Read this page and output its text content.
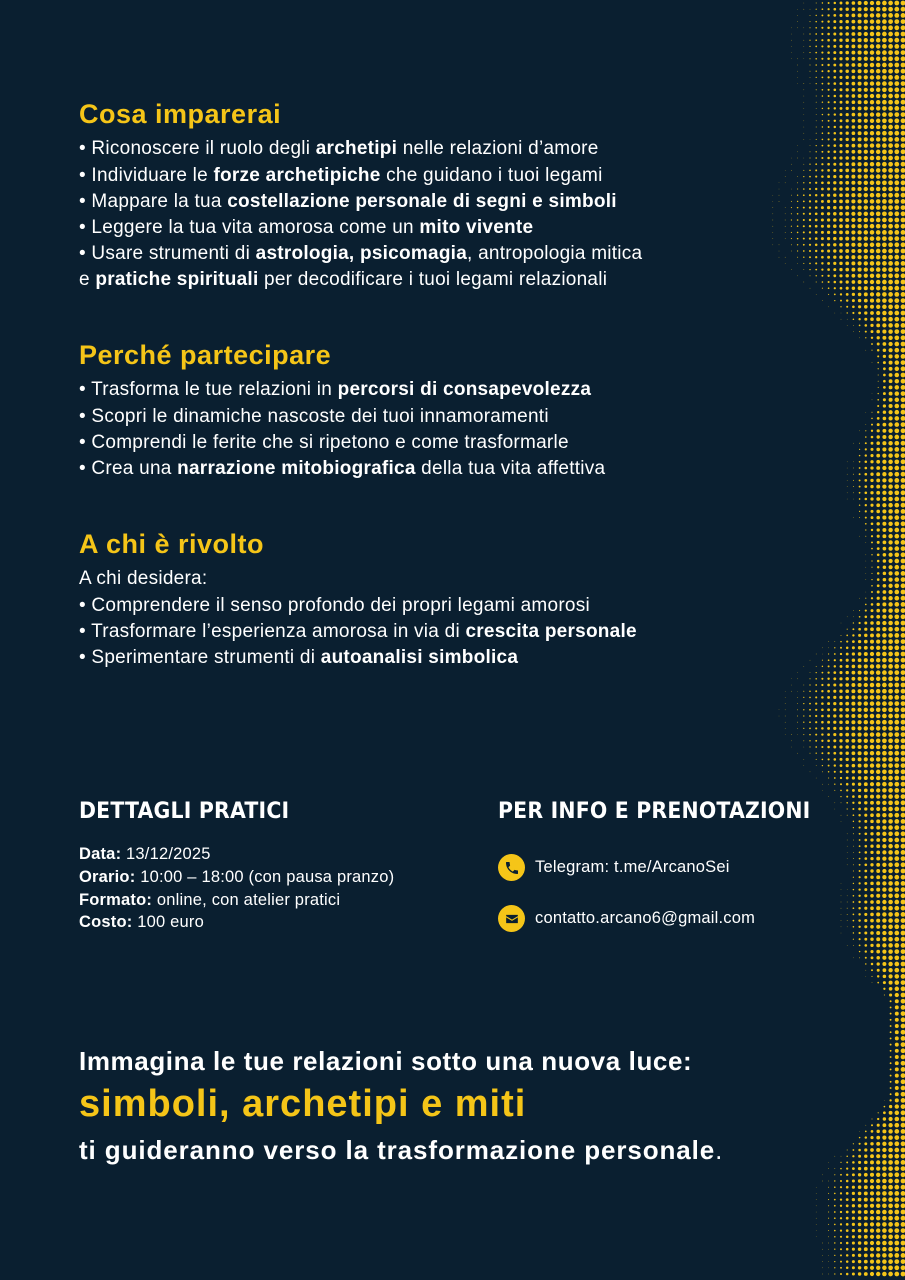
Cosa imparerai
• Riconoscere il ruolo degli archetipi nelle relazioni d’amore
• Individuare le forze archetipiche che guidano i tuoi legami
• Mappare la tua costellazione personale di segni e simboli
• Leggere la tua vita amorosa come un mito vivente
• Usare strumenti di astrologia, psicomagia, antropologia mitica
e pratiche spirituali per decodificare i tuoi legami relazionali
Perché partecipare
• Trasforma le tue relazioni in percorsi di consapevolezza
• Scopri le dinamiche nascoste dei tuoi innamoramenti
• Comprendi le ferite che si ripetono e come trasformarle
• Crea una narrazione mitobiografica della tua vita affettiva
A chi è rivolto
A chi desidera:
• Comprendere il senso profondo dei propri legami amorosi
• Trasformare l’esperienza amorosa in via di crescita personale
• Sperimentare strumenti di autoanalisi simbolica
DETTAGLI PRATICI
Data: 13/12/2025
Orario: 10:00 – 18:00 (con pausa pranzo)
Formato: online, con atelier pratici
Costo: 100 euro
PER INFO E PRENOTAZIONI
Telegram: t.me/ArcanoSei
contatto.arcano6@gmail.com
Immagina le tue relazioni sotto una nuova luce:
simboli, archetipi e miti
ti guideranno verso la trasformazione personale.
